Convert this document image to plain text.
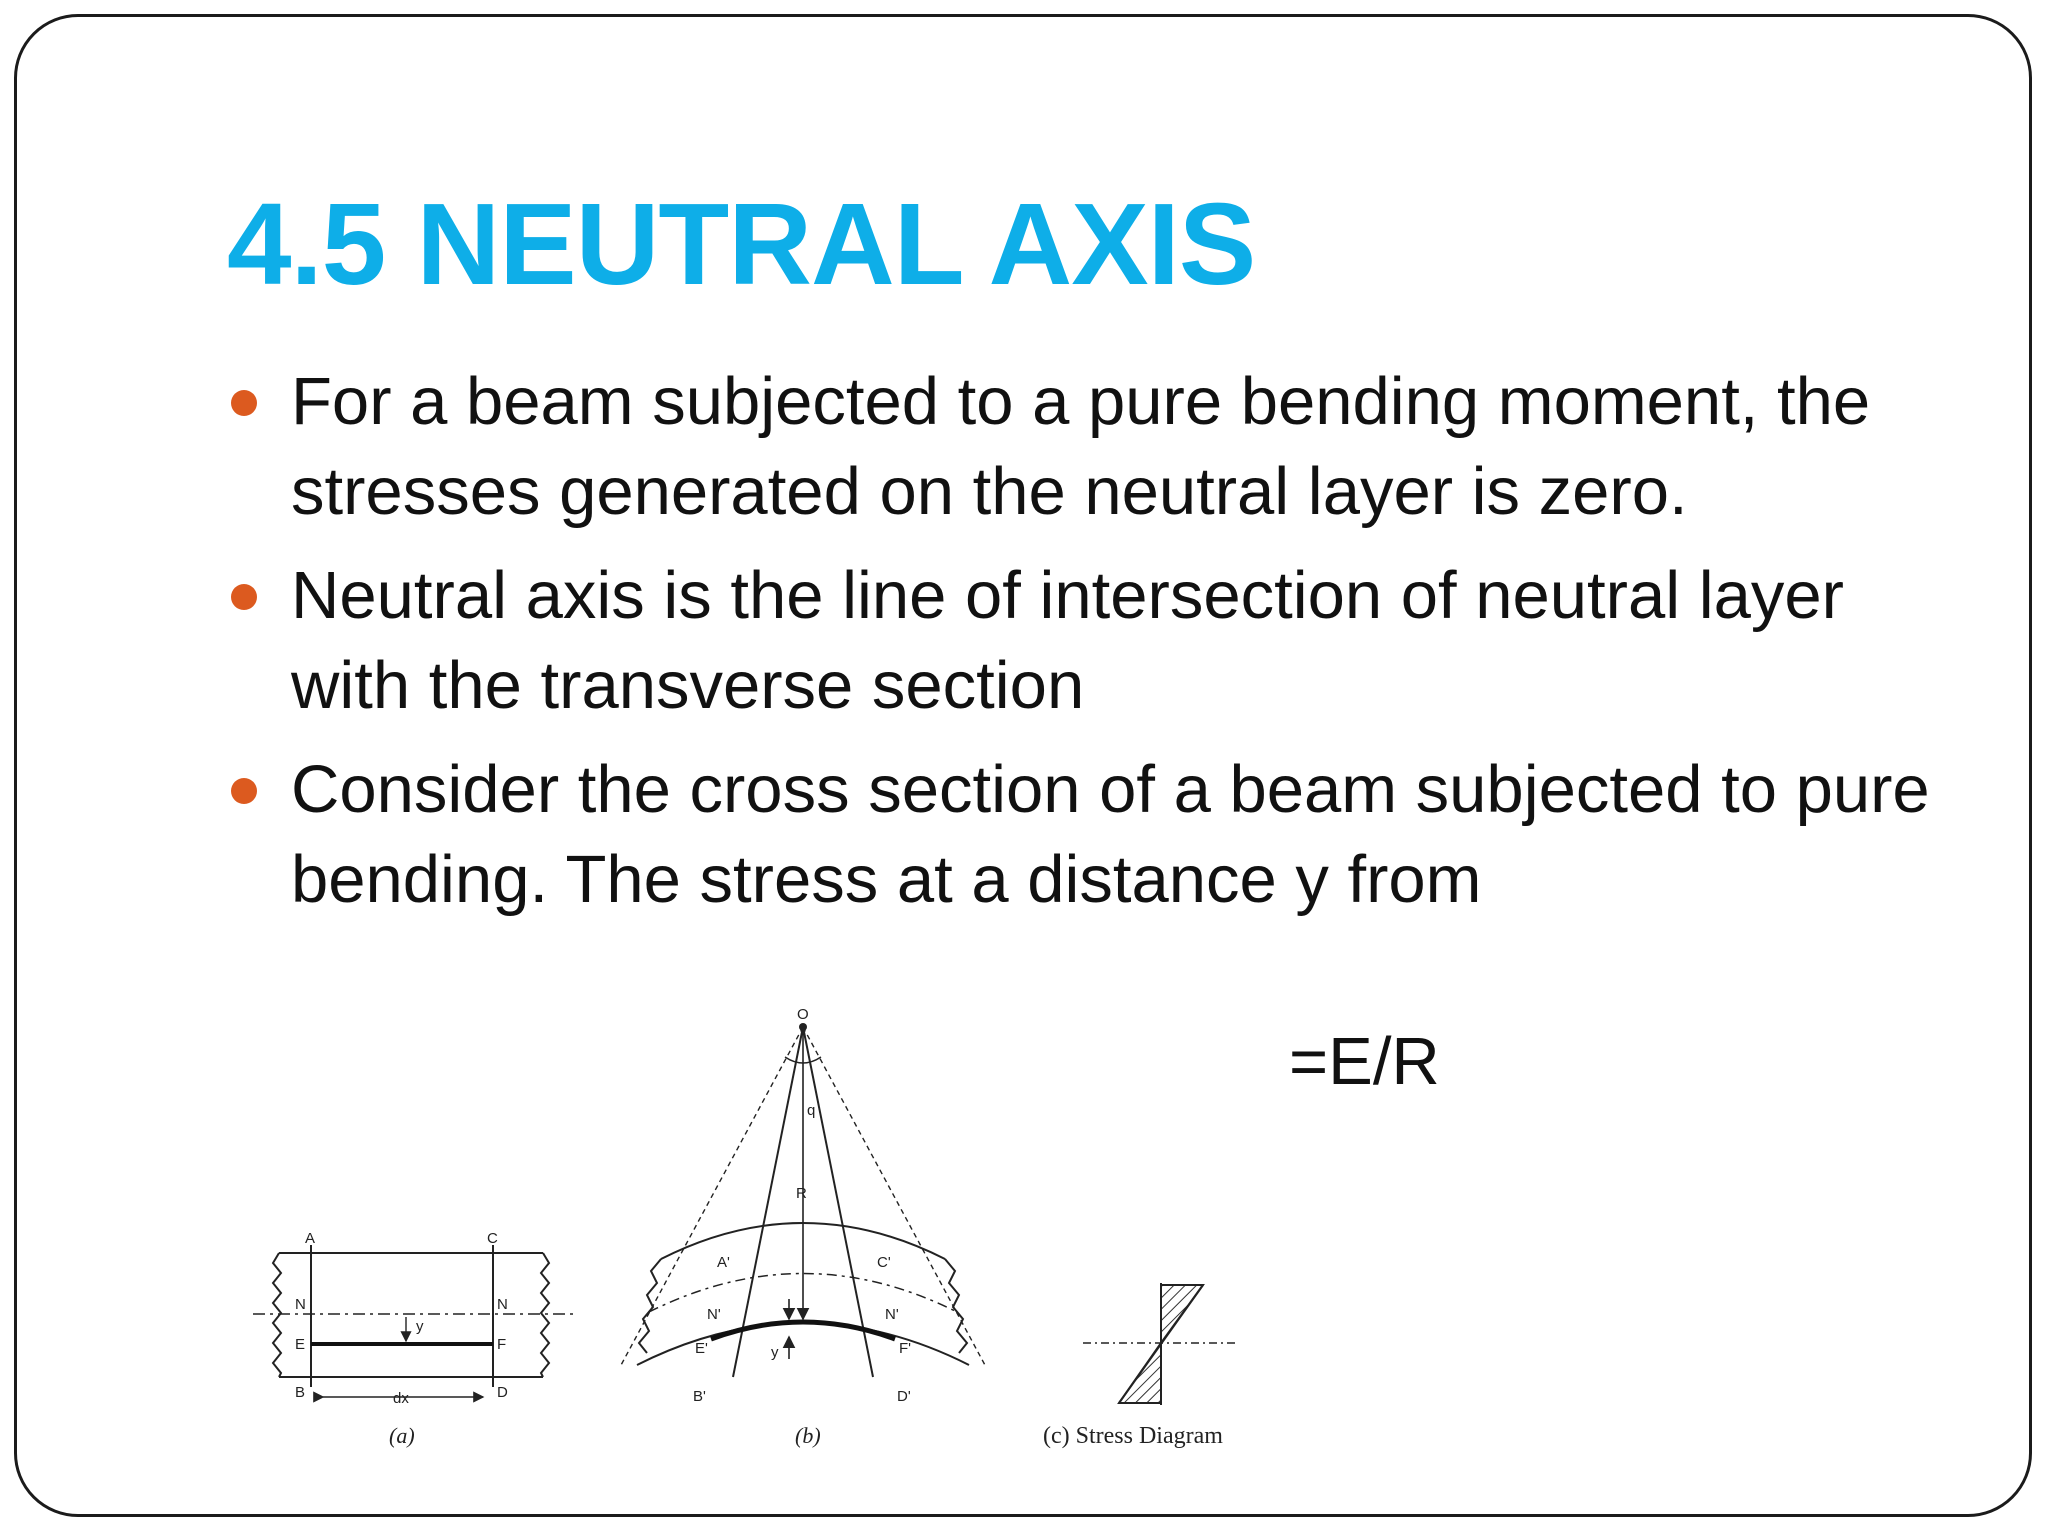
4.5 NEUTRAL AXIS
For a beam subjected to a pure bending moment, the stresses generated on the neutral layer is zero.
Neutral axis is the line of intersection of neutral layer with the transverse section
Consider the cross section of a beam subjected to pure bending. The stress at a distance y from
A	C
N	N
E	F
B	D
y
dx
(a)
O
q
R
A'	C'
N'	N'
E'	F'
y
B'	D'
(b)	(c) Stress Diagram
=E/R
